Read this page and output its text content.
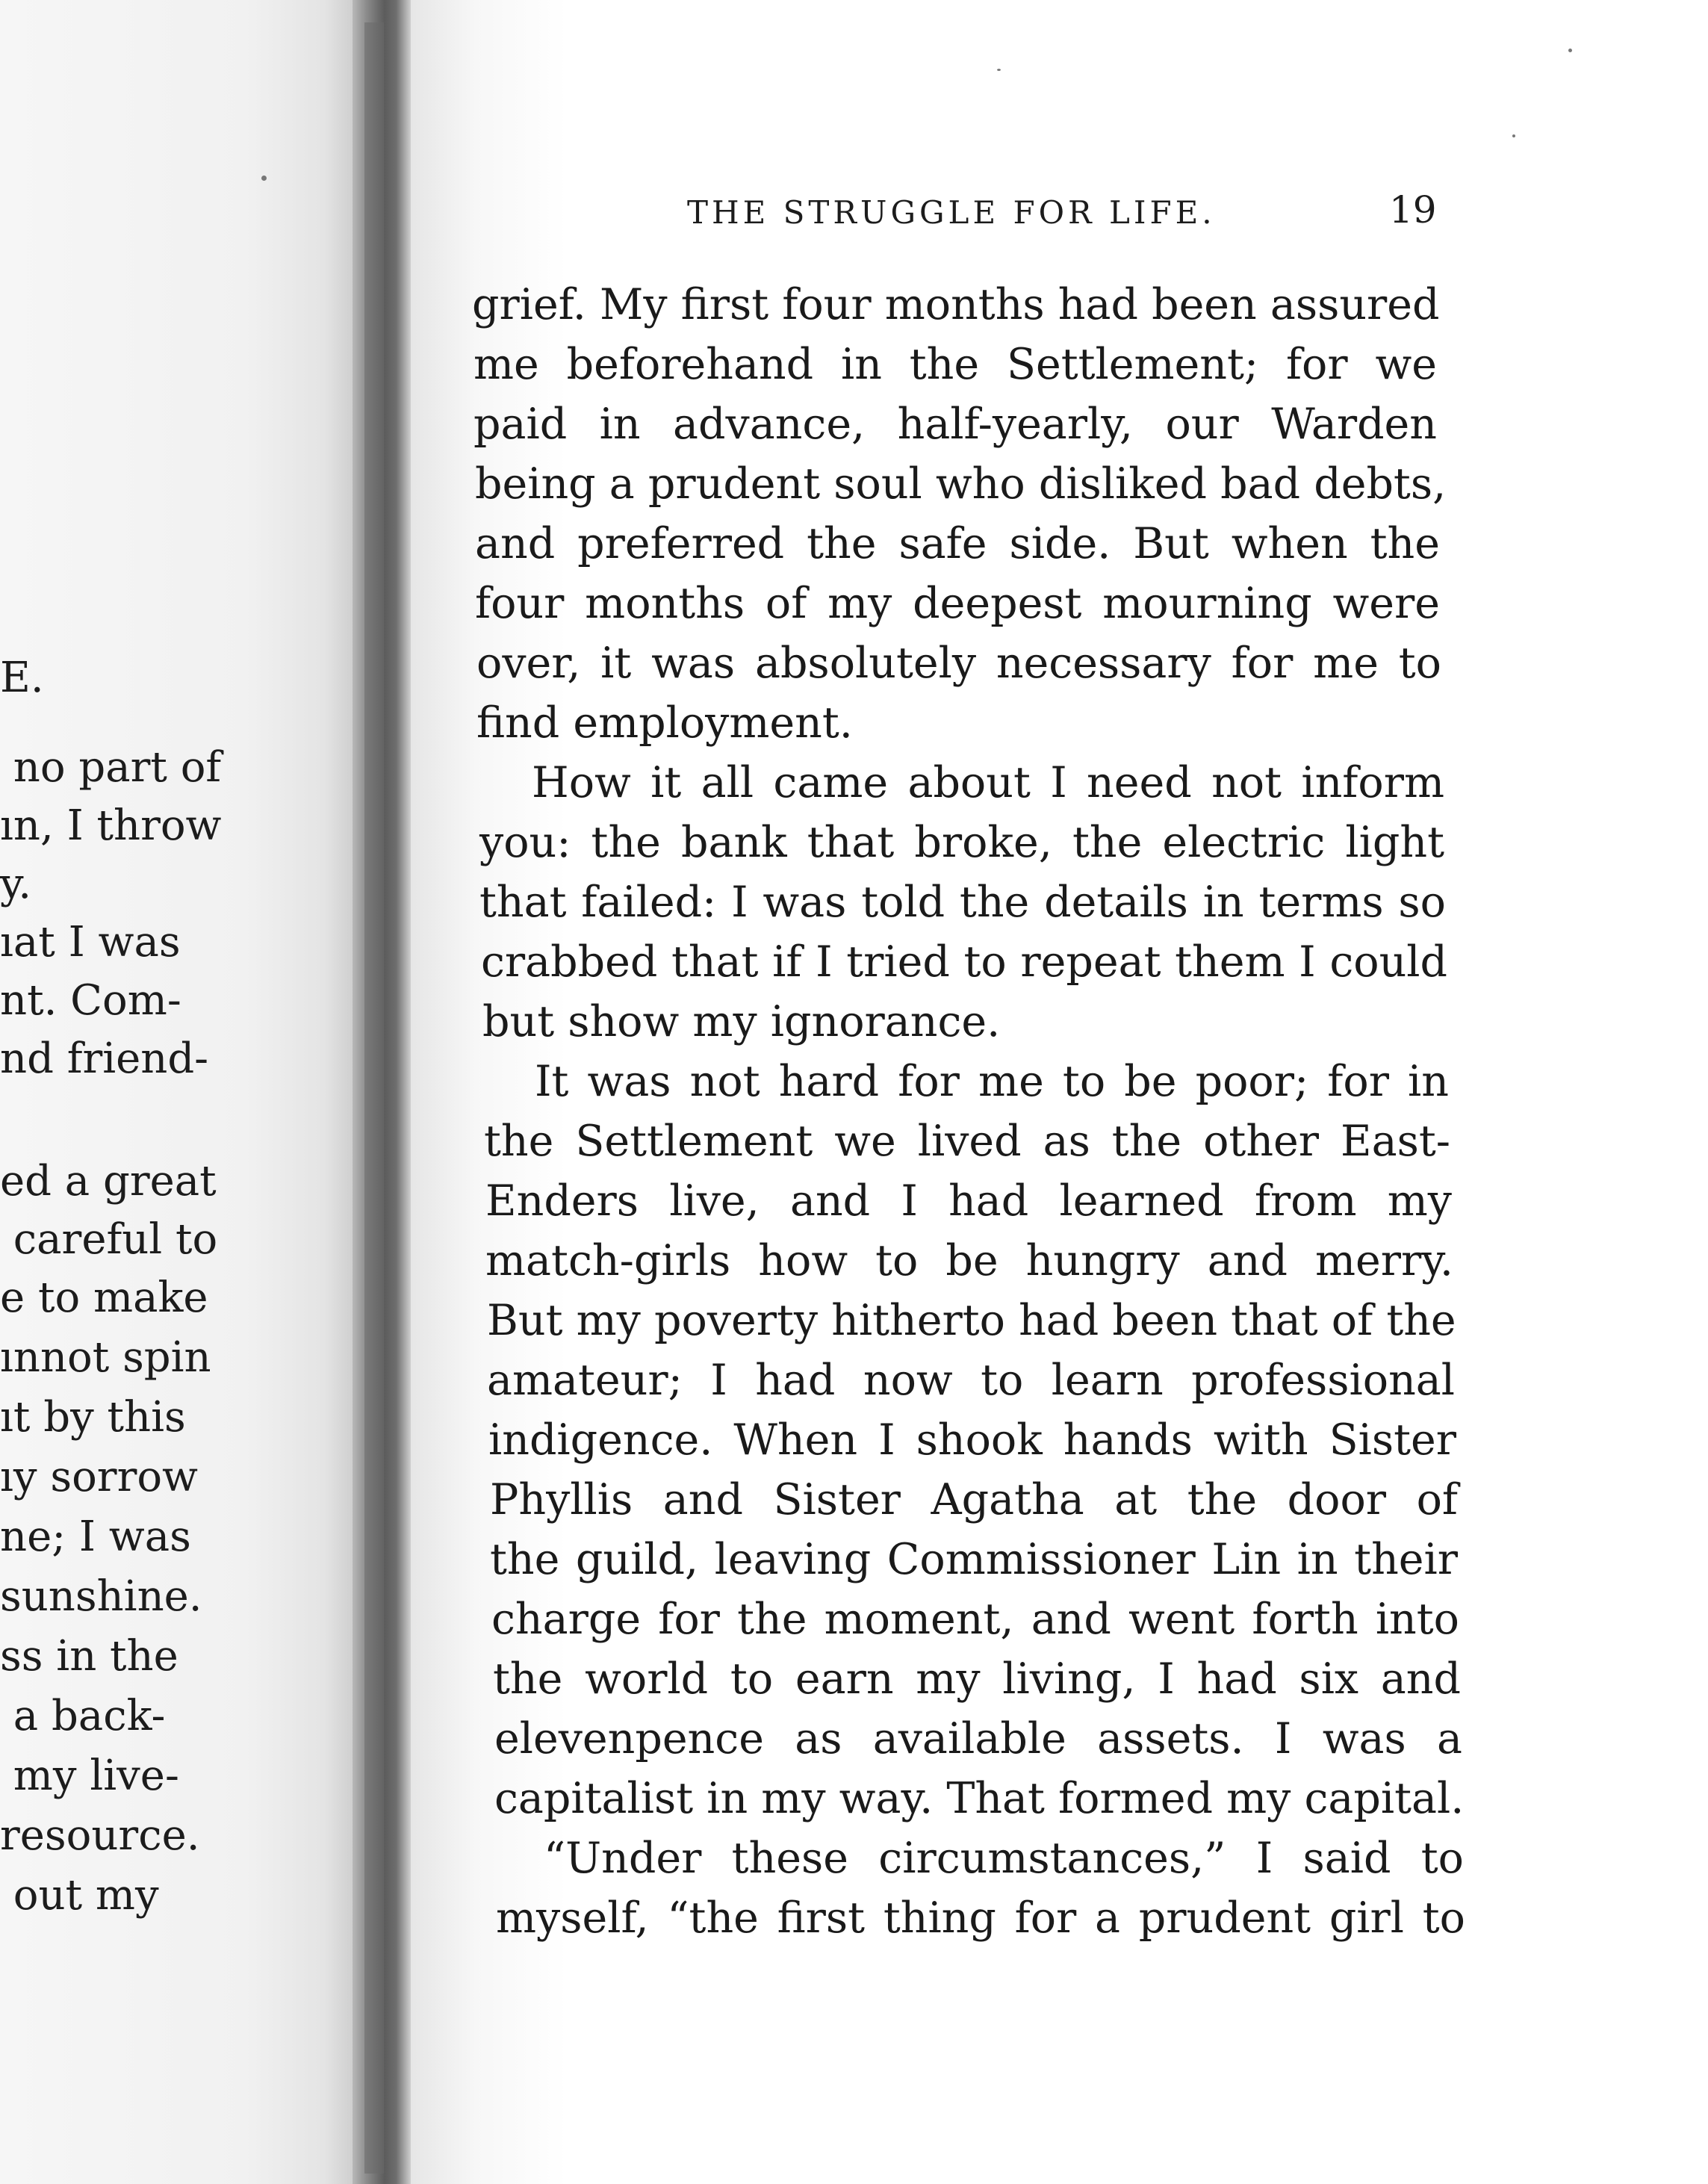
E.
̃ no part of
ın, I throw
y.
ıat I was
nt. Com-
nd friend-
ed a great
careful to
e to make
ınnot spin
ıt by this
ıy sorrow
ne; I was
sunshine.
ss in the
a back-
my live-
resource.
out my
THE STRUGGLE FOR LIFE.	19
grief. My first four months had been assured
me beforehand in the Settlement; for we
paid in advance, half-yearly, our Warden
being a prudent soul who disliked bad debts,
and preferred the safe side. But when the
four months of my deepest mourning were
over, it was absolutely necessary for me to
find employment.
How it all came about I need not inform
you: the bank that broke, the electric light
that failed: I was told the details in terms so
crabbed that if I tried to repeat them I could
but show my ignorance.
It was not hard for me to be poor; for in
the Settlement we lived as the other East-
Enders live, and I had learned from my
match-girls how to be hungry and merry.
But my poverty hitherto had been that of the
amateur; I had now to learn professional
indigence. When I shook hands with Sister
Phyllis and Sister Agatha at the door of
the guild, leaving Commissioner Lin in their
charge for the moment, and went forth into
the world to earn my living, I had six and
elevenpence as available assets. I was a
capitalist in my way. That formed my capital.
“Under these circumstances,” I said to
myself, “the first thing for a prudent girl to
